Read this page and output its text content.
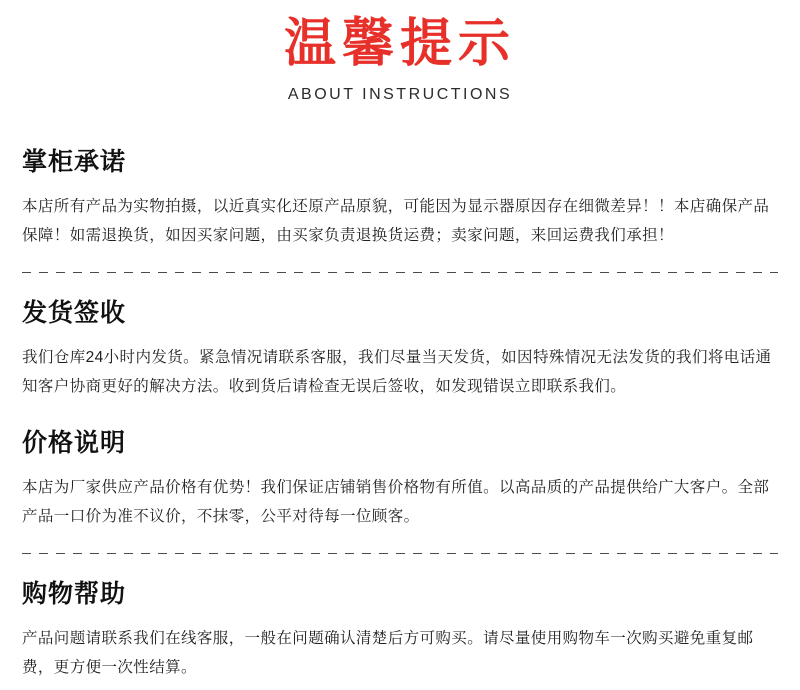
温馨提示
ABOUT INSTRUCTIONS
掌柜承诺
本店所有产品为实物拍摄，以近真实化还原产品原貌，可能因为显示器原因存在细微差异！！本店确保产品保障！如需退换货，如因买家问题，由买家负责退换货运费；卖家问题，来回运费我们承担！
发货签收
我们仓库24小时内发货。紧急情况请联系客服，我们尽量当天发货，如因特殊情况无法发货的我们将电话通知客户协商更好的解决方法。收到货后请检查无误后签收，如发现错误立即联系我们。
价格说明
本店为厂家供应产品价格有优势！我们保证店铺销售价格物有所值。以高品质的产品提供给广大客户。全部产品一口价为准不议价，不抹零，公平对待每一位顾客。
购物帮助
产品问题请联系我们在线客服，一般在问题确认清楚后方可购买。请尽量使用购物车一次购买避免重复邮费，更方便一次性结算。
